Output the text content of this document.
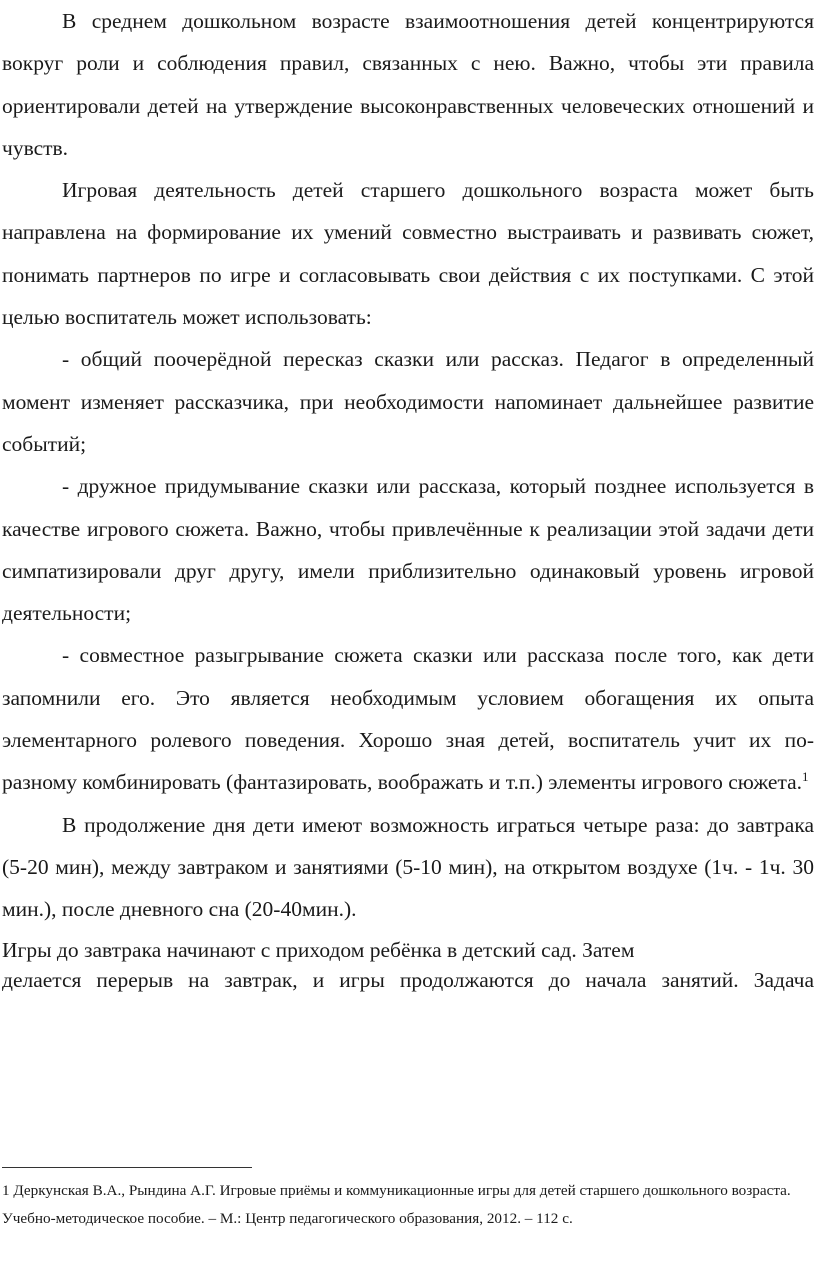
В среднем дошкольном возрасте взаимоотношения детей концентрируются вокруг роли и соблюдения правил, связанных с нею. Важно, чтобы эти правила ориентировали детей на утверждение высоконравственных человеческих отношений и чувств.

Игровая деятельность детей старшего дошкольного возраста может быть направлена на формирование их умений совместно выстраивать и развивать сюжет, понимать партнеров по игре и согласовывать свои действия с их поступками. С этой целью воспитатель может использовать:

- общий поочерёдной пересказ сказки или рассказ. Педагог в определенный момент изменяет рассказчика, при необходимости напоминает дальнейшее развитие событий;

- дружное придумывание сказки или рассказа, который позднее используется в качестве игрового сюжета. Важно, чтобы привлечённые к реализации этой задачи дети симпатизировали друг другу, имели приблизительно одинаковый уровень игровой деятельности;

- совместное разыгрывание сюжета сказки или рассказа после того, как дети запомнили его. Это является необходимым условием обогащения их опыта элементарного ролевого поведения. Хорошо зная детей, воспитатель учит их по-разному комбинировать (фантазировать, воображать и т.п.) элементы игрового сюжета.$^1$

В продолжение дня дети имеют возможность играться четыре раза: до завтрака (5-20 мин), между завтраком и занятиями (5-10 мин), на открытом воздухе (1ч. - 1ч. 30 мин.), после дневного сна (20-40мин.).

Игры до завтрака начинают с приходом ребёнка в детский сад. Затем
делается перерыв на завтрак, и игры продолжаются до начала занятий. Задача

1 Деркунская В.А., Рындина А.Г. Игровые приёмы и коммуникационные игры для детей старшего дошкольного возраста. Учебно-методическое пособие. – М.: Центр педагогического образования, 2012. – 112 с.
